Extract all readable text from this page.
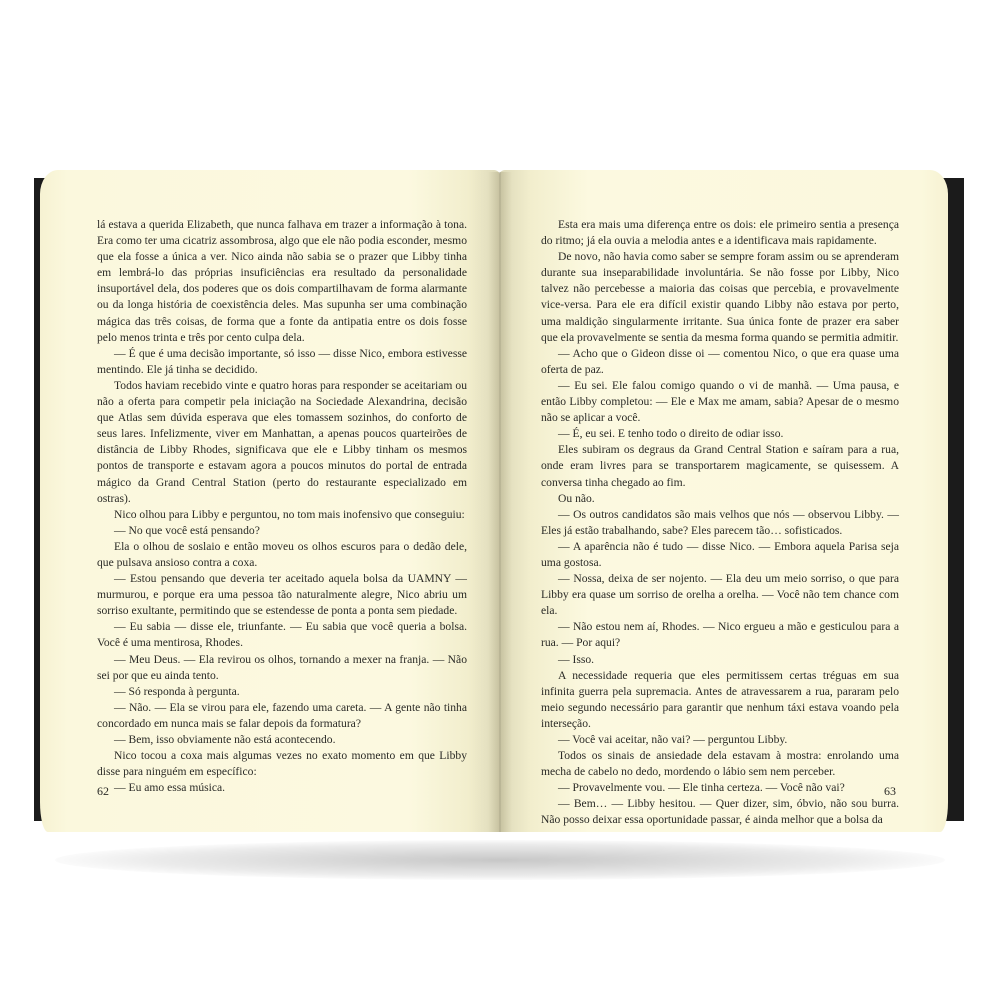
lá estava a querida Elizabeth, que nunca falhava em trazer a informação à tona. Era como ter uma cicatriz assombrosa, algo que ele não podia esconder, mesmo que ela fosse a única a ver. Nico ainda não sabia se o prazer que Libby tinha em lembrá-lo das próprias insuficiências era resultado da personalidade insuportável dela, dos poderes que os dois compartilhavam de forma alarmante ou da longa história de coexistência deles. Mas supunha ser uma combinação mágica das três coisas, de forma que a fonte da antipatia entre os dois fosse pelo menos trinta e três por cento culpa dela.

— É que é uma decisão importante, só isso — disse Nico, embora estivesse mentindo. Ele já tinha se decidido.

Todos haviam recebido vinte e quatro horas para responder se aceitariam ou não a oferta para competir pela iniciação na Sociedade Alexandrina, decisão que Atlas sem dúvida esperava que eles tomassem sozinhos, do conforto de seus lares. Infelizmente, viver em Manhattan, a apenas poucos quarteirões de distância de Libby Rhodes, significava que ele e Libby tinham os mesmos pontos de transporte e estavam agora a poucos minutos do portal de entrada mágico da Grand Central Station (perto do restaurante especializado em ostras).

Nico olhou para Libby e perguntou, no tom mais inofensivo que conseguiu:

— No que você está pensando?

Ela o olhou de soslaio e então moveu os olhos escuros para o dedão dele, que pulsava ansioso contra a coxa.

— Estou pensando que deveria ter aceitado aquela bolsa da UAMNY — murmurou, e porque era uma pessoa tão naturalmente alegre, Nico abriu um sorriso exultante, permitindo que se estendesse de ponta a ponta sem piedade.

— Eu sabia — disse ele, triunfante. — Eu sabia que você queria a bolsa. Você é uma mentirosa, Rhodes.

— Meu Deus. — Ela revirou os olhos, tornando a mexer na franja. — Não sei por que eu ainda tento.

— Só responda à pergunta.

— Não. — Ela se virou para ele, fazendo uma careta. — A gente não tinha concordado em nunca mais se falar depois da formatura?

— Bem, isso obviamente não está acontecendo.

Nico tocou a coxa mais algumas vezes no exato momento em que Libby disse para ninguém em específico:

— Eu amo essa música.

62

Esta era mais uma diferença entre os dois: ele primeiro sentia a presença do ritmo; já ela ouvia a melodia antes e a identificava mais rapidamente.

De novo, não havia como saber se sempre foram assim ou se aprenderam durante sua inseparabilidade involuntária. Se não fosse por Libby, Nico talvez não percebesse a maioria das coisas que percebia, e provavelmente vice-versa. Para ele era difícil existir quando Libby não estava por perto, uma maldição singularmente irritante. Sua única fonte de prazer era saber que ela provavelmente se sentia da mesma forma quando se permitia admitir.

— Acho que o Gideon disse oi — comentou Nico, o que era quase uma oferta de paz.

— Eu sei. Ele falou comigo quando o vi de manhã. — Uma pausa, e então Libby completou: — Ele e Max me amam, sabia? Apesar de o mesmo não se aplicar a você.

— É, eu sei. E tenho todo o direito de odiar isso.

Eles subiram os degraus da Grand Central Station e saíram para a rua, onde eram livres para se transportarem magicamente, se quisessem. A conversa tinha chegado ao fim.

Ou não.

— Os outros candidatos são mais velhos que nós — observou Libby. — Eles já estão trabalhando, sabe? Eles parecem tão… sofisticados.

— A aparência não é tudo — disse Nico. — Embora aquela Parisa seja uma gostosa.

— Nossa, deixa de ser nojento. — Ela deu um meio sorriso, o que para Libby era quase um sorriso de orelha a orelha. — Você não tem chance com ela.

— Não estou nem aí, Rhodes. — Nico ergueu a mão e gesticulou para a rua. — Por aqui?

— Isso.

A necessidade requeria que eles permitissem certas tréguas em sua infinita guerra pela supremacia. Antes de atravessarem a rua, pararam pelo meio segundo necessário para garantir que nenhum táxi estava voando pela interseção.

— Você vai aceitar, não vai? — perguntou Libby.

Todos os sinais de ansiedade dela estavam à mostra: enrolando uma mecha de cabelo no dedo, mordendo o lábio sem nem perceber.

— Provavelmente vou. — Ele tinha certeza. — Você não vai?

— Bem… — Libby hesitou. — Quer dizer, sim, óbvio, não sou burra. Não posso deixar essa oportunidade passar, é ainda melhor que a bolsa da

63
